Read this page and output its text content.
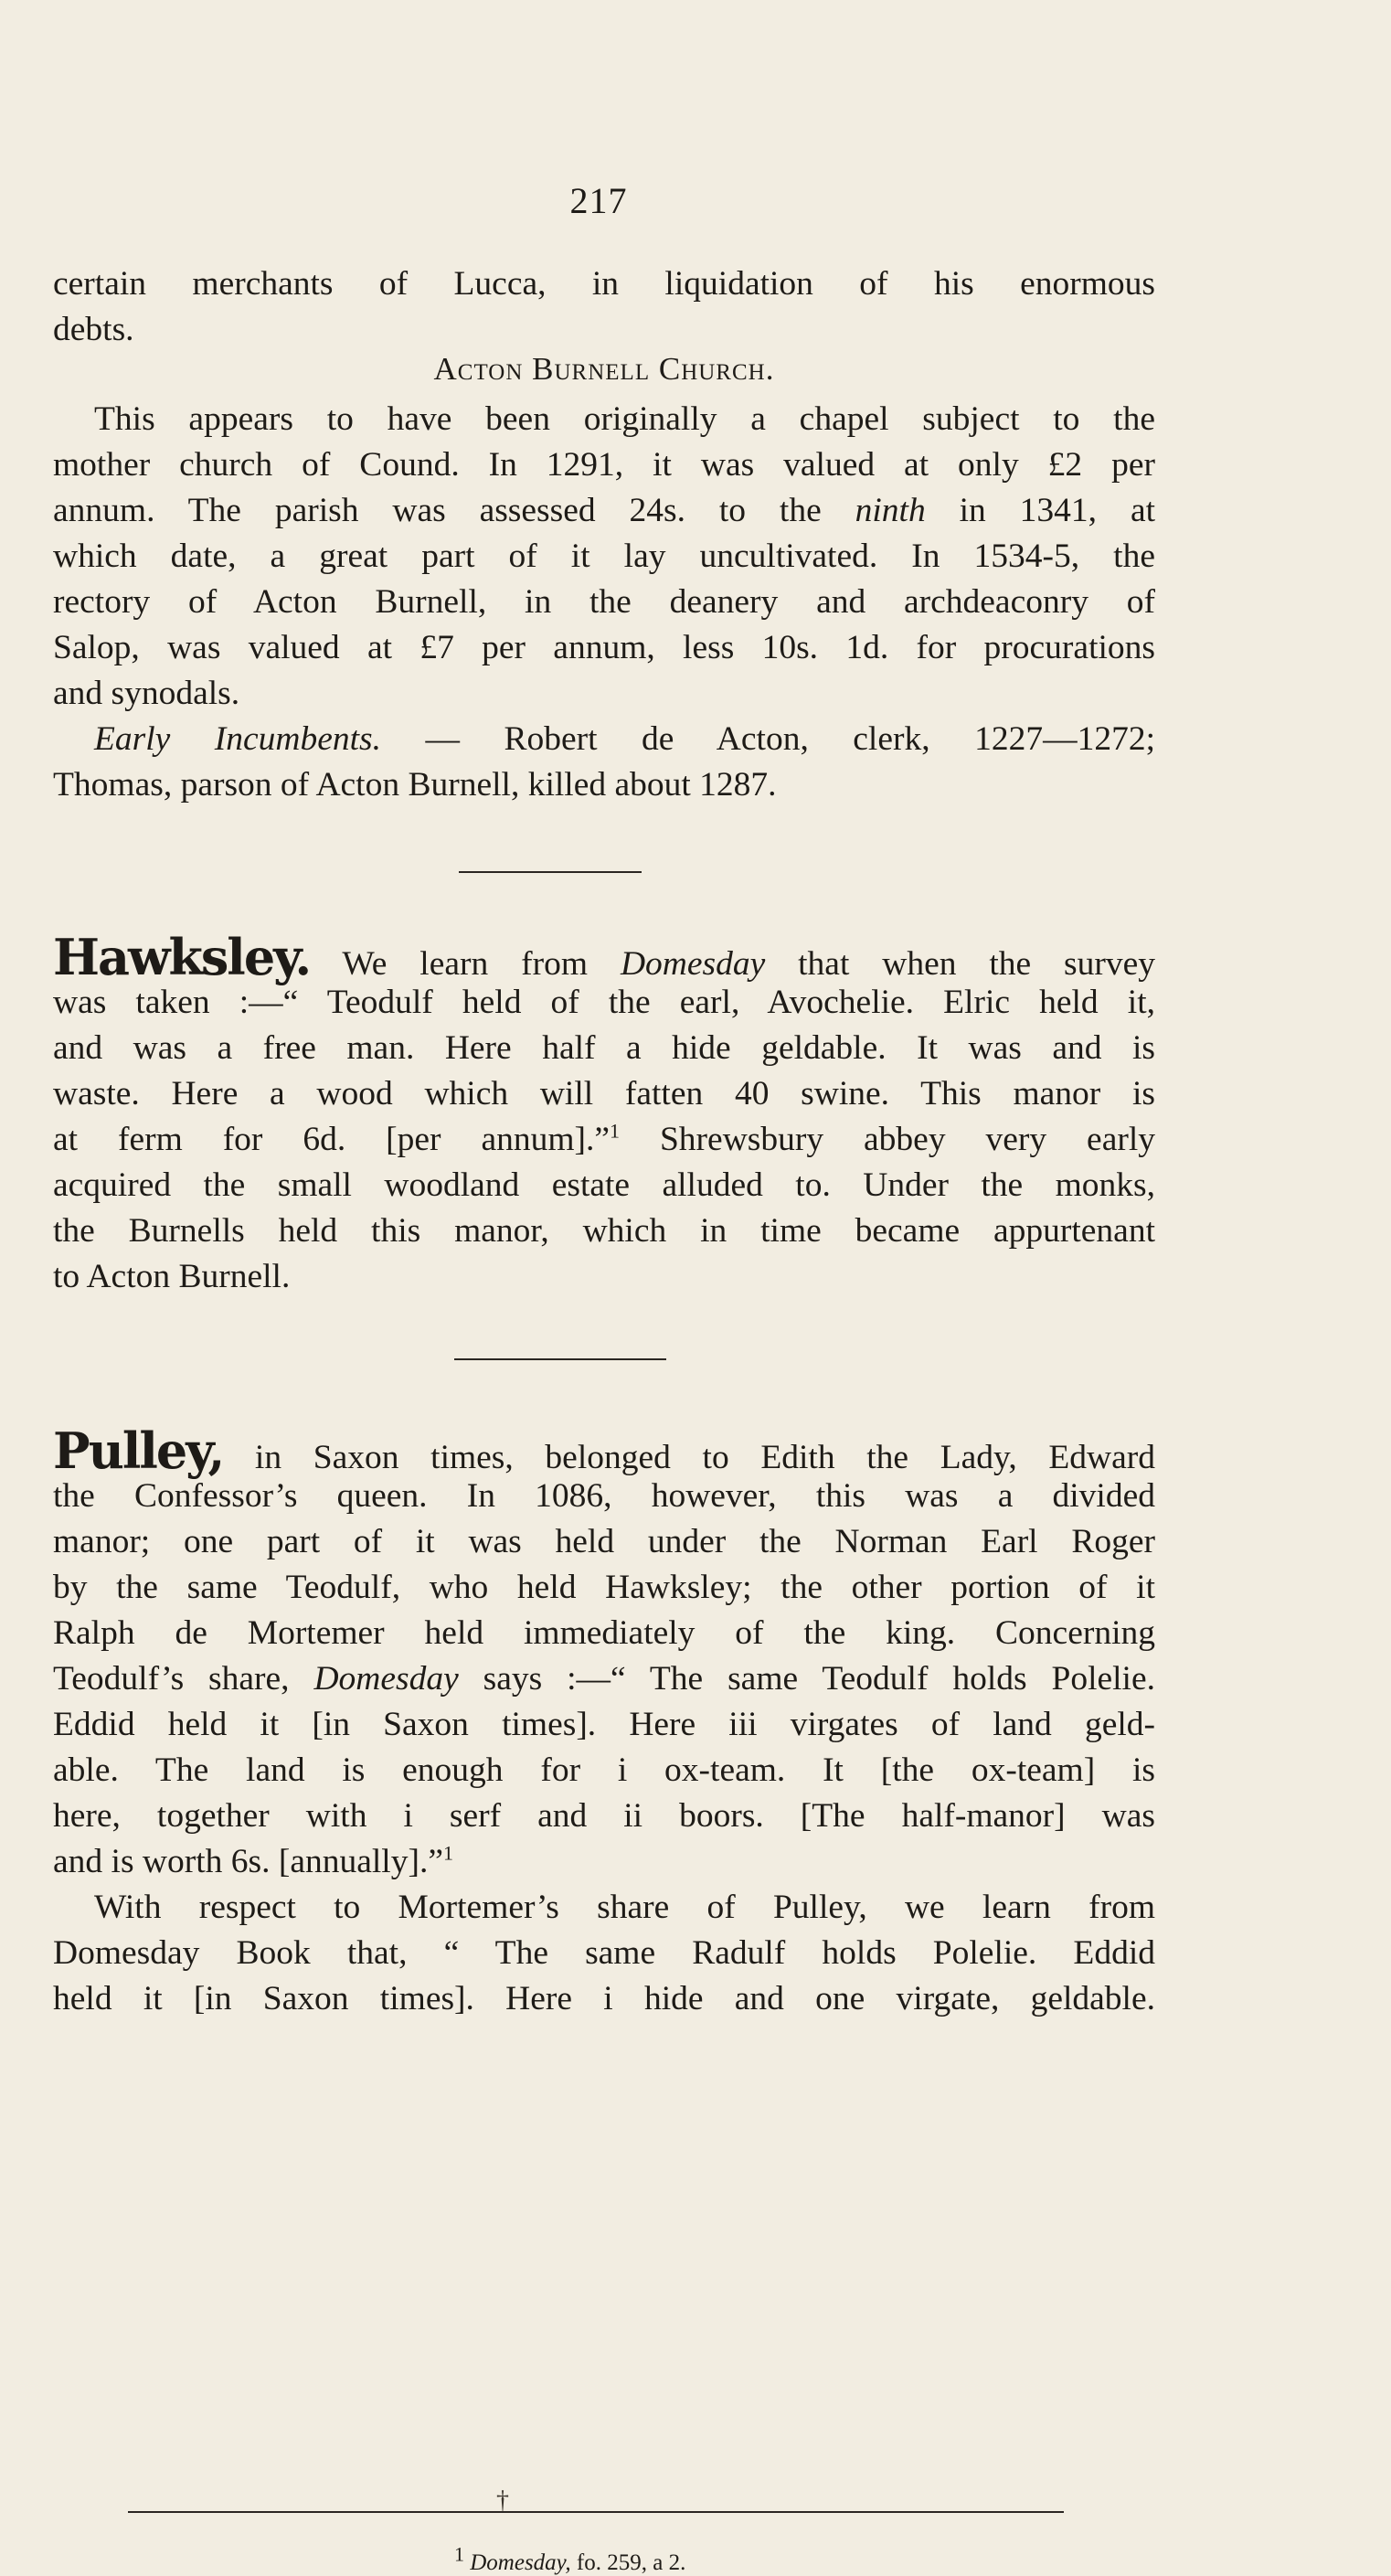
217
certain merchants of Lucca, in liquidation of his enormous
debts.
Acton Burnell Church.
This appears to have been originally a chapel subject to the
mother church of Cound. In 1291, it was valued at only £2 per
annum. The parish was assessed 24s. to the ninth in 1341, at
which date, a great part of it lay uncultivated. In 1534-5, the
rectory of Acton Burnell, in the deanery and archdeaconry of
Salop, was valued at £7 per annum, less 10s. 1d. for procurations
and synodals.
Early Incumbents. — Robert de Acton, clerk, 1227—1272;
Thomas, parson of Acton Burnell, killed about 1287.
Hawksley. We learn from Domesday that when the survey
was taken :—“ Teodulf held of the earl, Avochelie. Elric held it,
and was a free man. Here half a hide geldable. It was and is
waste. Here a wood which will fatten 40 swine. This manor is
at ferm for 6d. [per annum].”$^1$ Shrewsbury abbey very early
acquired the small woodland estate alluded to. Under the monks,
the Burnells held this manor, which in time became appurtenant
to Acton Burnell.
Pulley, in Saxon times, belonged to Edith the Lady, Edward
the Confessor’s queen. In 1086, however, this was a divided
manor; one part of it was held under the Norman Earl Roger
by the same Teodulf, who held Hawksley; the other portion of it
Ralph de Mortemer held immediately of the king. Concerning
Teodulf’s share, Domesday says :—“ The same Teodulf holds Polelie.
Eddid held it [in Saxon times]. Here iii virgates of land geld-
able. The land is enough for i ox-team. It [the ox-team] is
here, together with i serf and ii boors. [The half-manor] was
and is worth 6s. [annually].”$^1$
With respect to Mortemer’s share of Pulley, we learn from
Domesday Book that, “ The same Radulf holds Polelie. Eddid
held it [in Saxon times]. Here i hide and one virgate, geldable.
†
1 Domesday, fo. 259, a 2.
